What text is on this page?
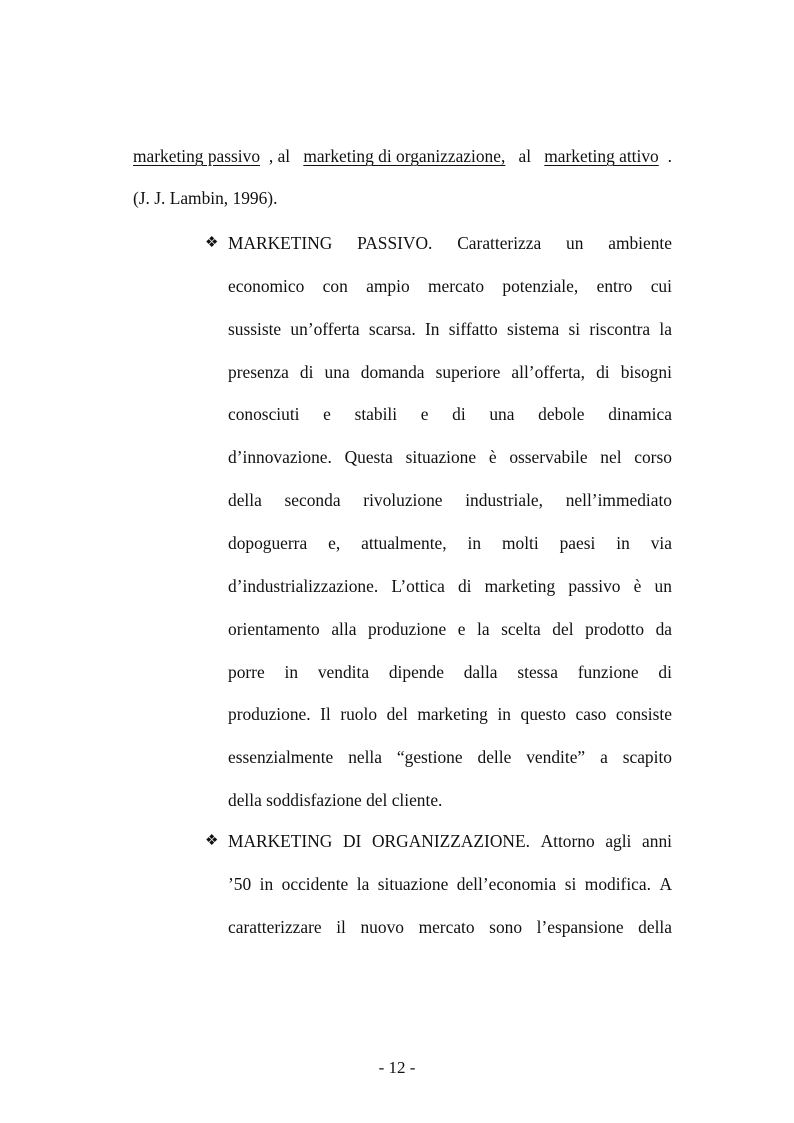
marketing passivo , al marketing di organizzazione, al marketing attivo .
(J. J. Lambin, 1996).
❖
❖
MARKETING PASSIVO. Caratterizza un ambiente
economico con ampio mercato potenziale, entro cui
sussiste un’offerta scarsa. In siffatto sistema si riscontra la
presenza di una domanda superiore all’offerta, di bisogni
conosciuti e stabili e di una debole dinamica
d’innovazione. Questa situazione è osservabile nel corso
della seconda rivoluzione industriale, nell’immediato
dopoguerra e, attualmente, in molti paesi in via
d’industrializzazione. L’ottica di marketing passivo è un
orientamento alla produzione e la scelta del prodotto da
porre in vendita dipende dalla stessa funzione di
produzione. Il ruolo del marketing in questo caso consiste
essenzialmente nella “gestione delle vendite” a scapito
della soddisfazione del cliente.
MARKETING DI ORGANIZZAZIONE. Attorno agli anni
’50 in occidente la situazione dell’economia si modifica. A
caratterizzare il nuovo mercato sono l’espansione della
- 12 -
